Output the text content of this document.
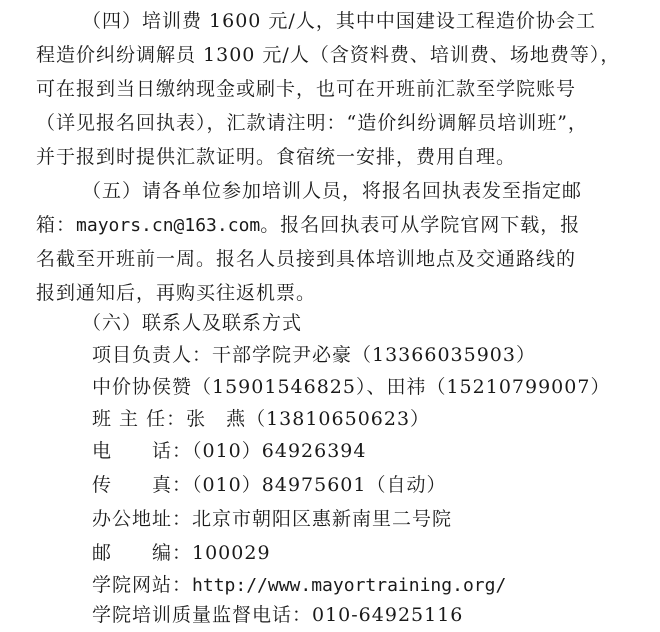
（四）培训费 1600 元/人，其中中国建设工程造价协会工
程造价纠纷调解员 1300 元/人（含资料费、培训费、场地费等），
可在报到当日缴纳现金或刷卡，也可在开班前汇款至学院账号
（详见报名回执表），汇款请注明：“造价纠纷调解员培训班”，
并于报到时提供汇款证明。食宿统一安排，费用自理。
（五）请各单位参加培训人员，将报名回执表发至指定邮
箱：mayors.cn@163.com。报名回执表可从学院官网下载，报
名截至开班前一周。报名人员接到具体培训地点及交通路线的
报到通知后，再购买往返机票。
（六）联系人及联系方式
项目负责人：干部学院尹必豪（13366035903）
中价协侯赞（15901546825）、田祎（15210799007）
班 主 任：张　燕（13810650623）
电　　话：（010）64926394
传　　真：（010）84975601（自动）
办公地址：北京市朝阳区惠新南里二号院
邮　　编：100029
学院网站：http://www.mayortraining.org/
学院培训质量监督电话：010-64925116
